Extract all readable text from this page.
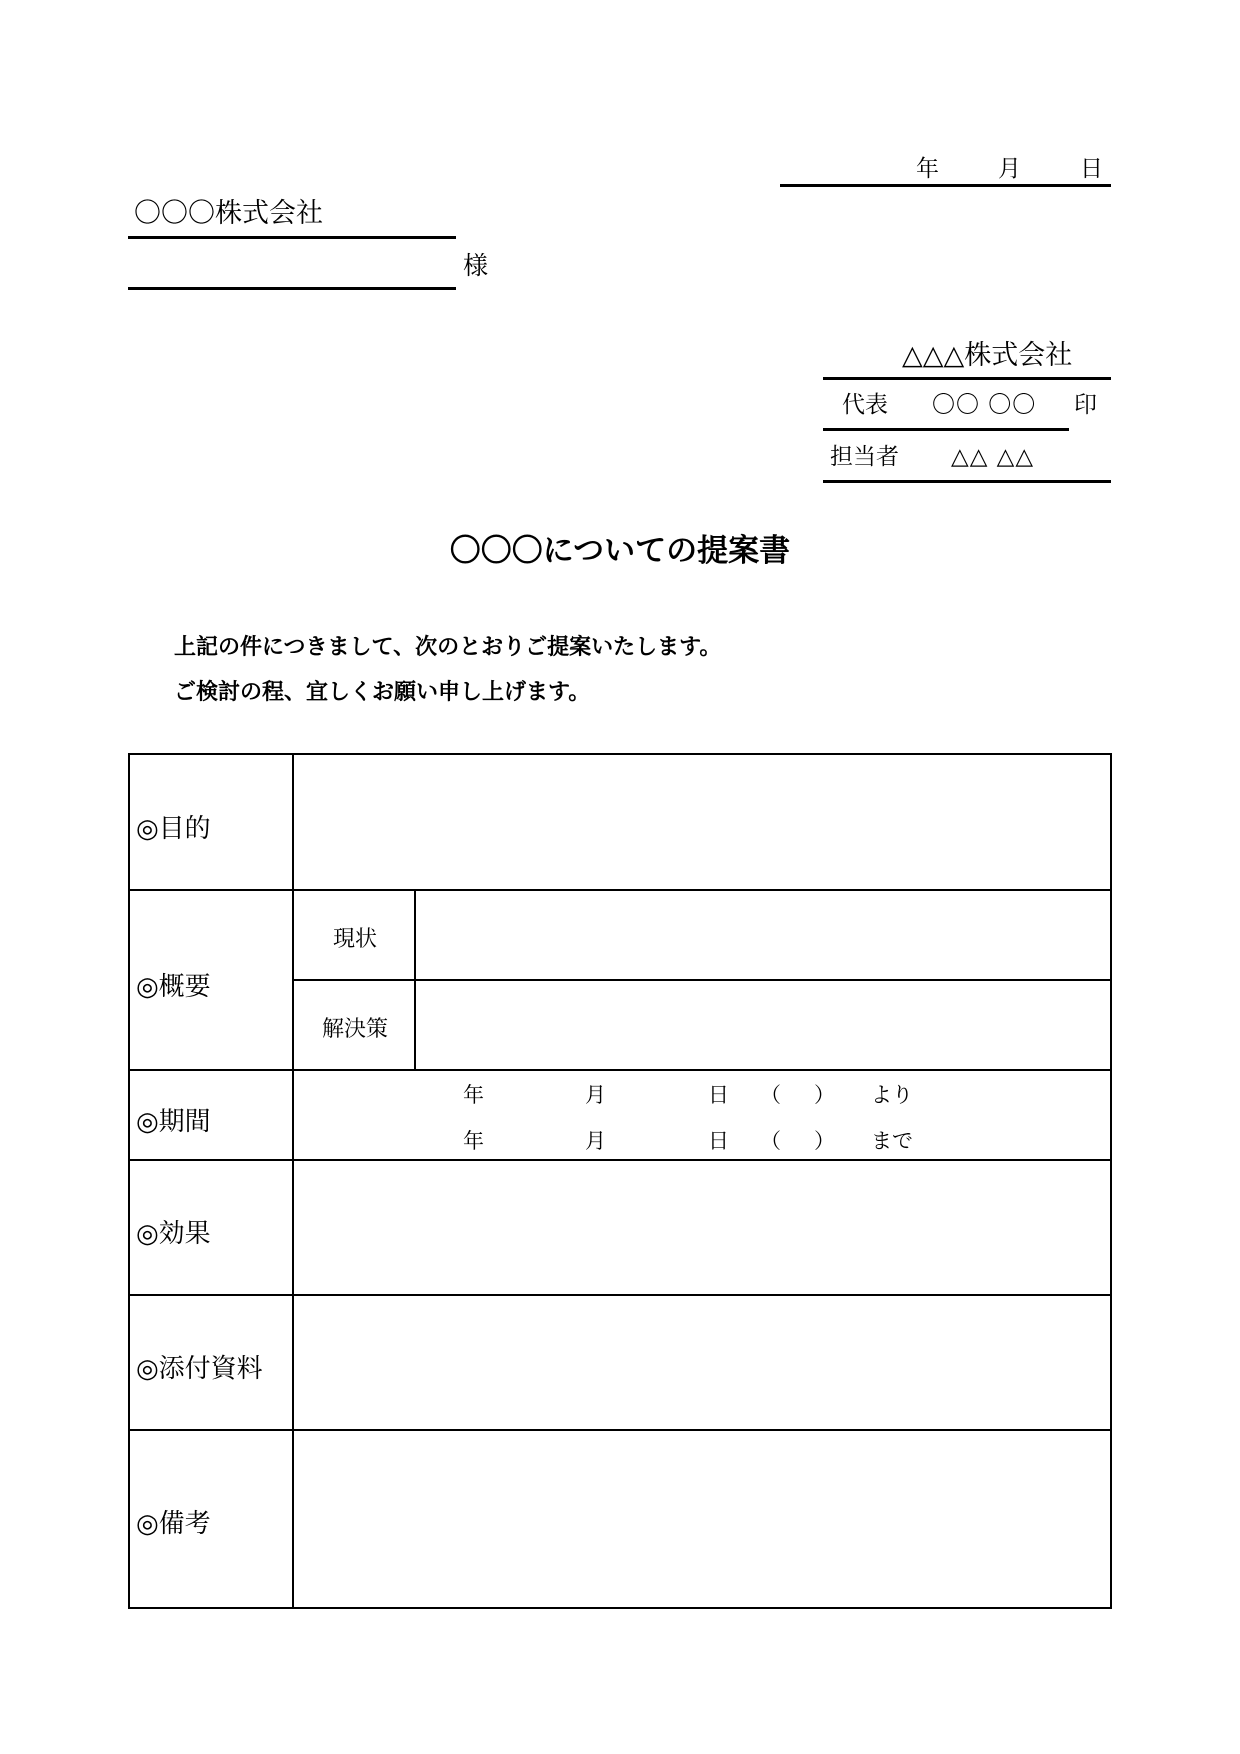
年	月	日
〇〇〇株式会社
様
△△△株式会社
代表 〇〇 〇〇 印
担当者 △△ △△
〇〇〇についての提案書
上記の件につきまして、次のとおりご提案いたします。
ご検討の程、宜しくお願い申し上げます。
◎目的
◎概要
現状
解決策
◎期間
年	月	日 （ ） より
年	月	日 （ ） まで
◎効果
◎添付資料
◎備考
